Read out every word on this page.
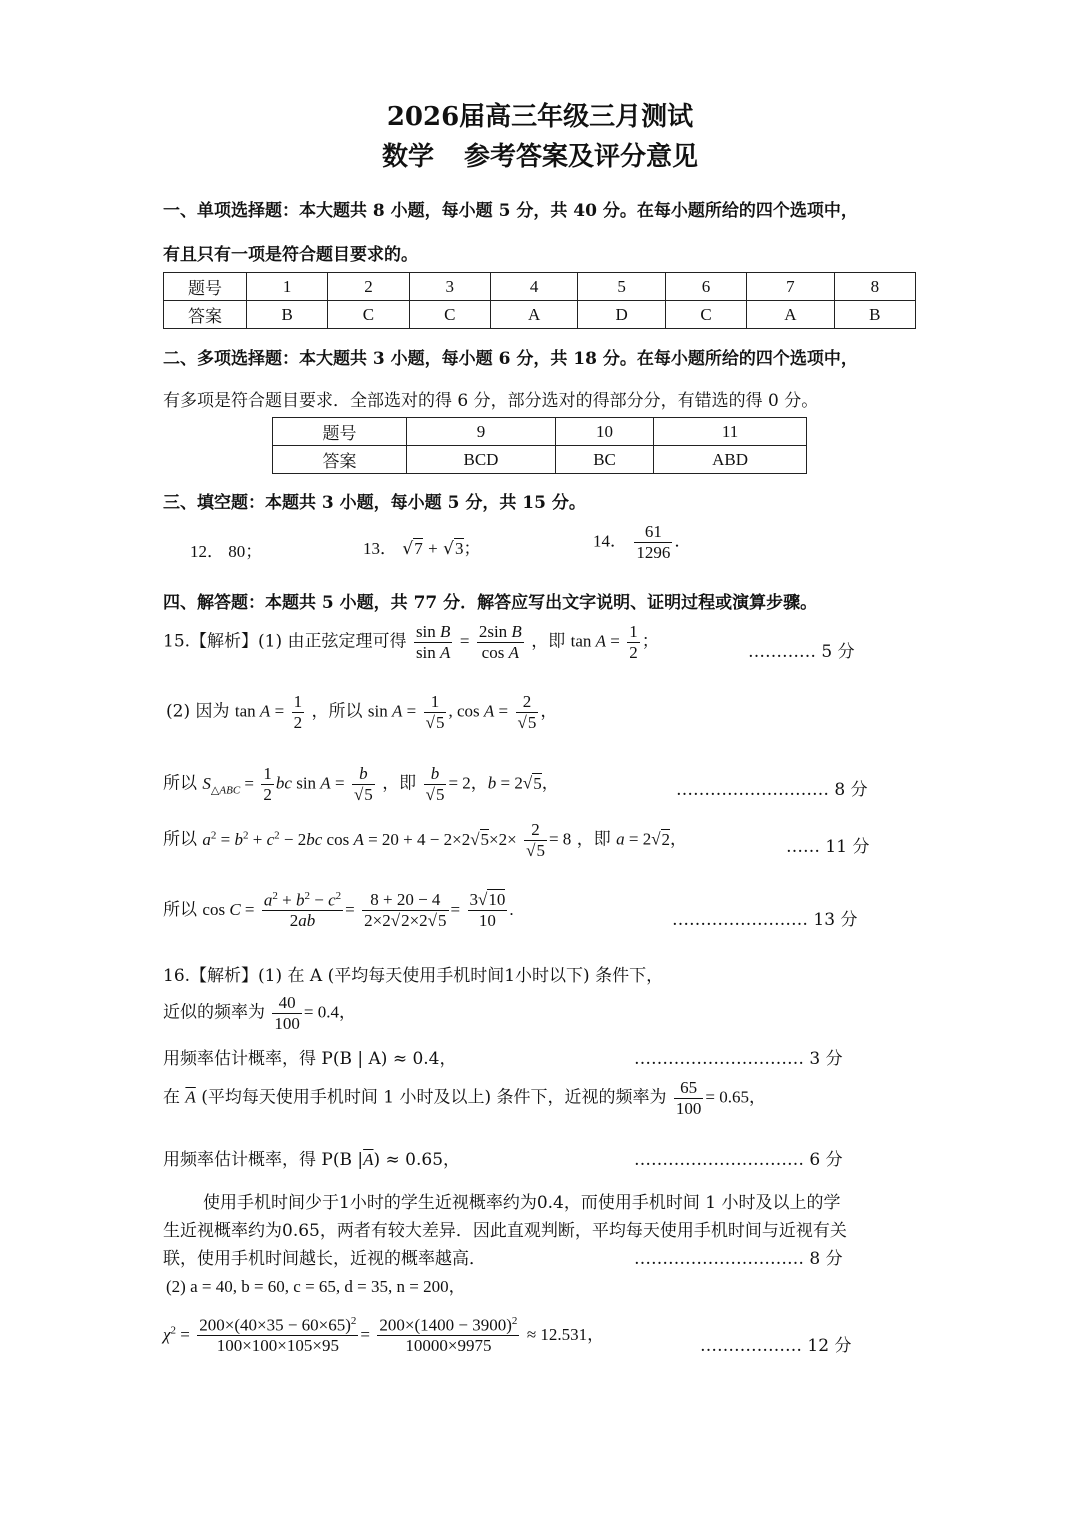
2026届高三年级三月测试
数学 参考答案及评分意见
一、单项选择题：本大题共 8 小题，每小题 5 分，共 40 分。在每小题所给的四个选项中，
有且只有一项是符合题目要求的。
题号	1	2	3	4	5	6	7	8
答案	B	C	C	A	D	C	A	B
二、多项选择题：本大题共 3 小题，每小题 6 分，共 18 分。在每小题所给的四个选项中，
有多项是符合题目要求．全部选对的得 6 分，部分选对的得部分分，有错选的得 0 分。
题号	9	10	11
答案	BCD	BC	ABD
三、填空题：本题共 3 小题，每小题 5 分，共 15 分。
12． 80；	13． √7 + √3；	14． $\frac{61}{1296}$ ．
四、解答题：本题共 5 小题，共 77 分．解答应写出文字说明、证明过程或演算步骤。
15.【解析】(1) 由正弦定理可得 $\frac{\text{sin B}}{\text{sin A}} = \frac{\text{2sin B}}{\text{cos A}}$ ，即 $\tan A = \frac{1}{2}$ ；
………… 5 分
(2) 因为 $\tan A = \frac{1}{2}$ ，所以 $\sin A = \frac{1}{√5}$ , $\cos A = \frac{2}{√5}$ ，
所以 $S_{\triangle ABC} = \frac{1}{2}$ bc $\sin A = \frac{b}{√5}$ ，即 $\frac{b}{√5} = 2$，b = 2√5，	……………………… 8 分
所以 $a^2 = b^2 + c^2 - 2bc$ $\cos A = 20 + 4 - 2\times 2√5\times 2\times \frac{2}{√5} = 8$ ，即 a = 2√2，	…… 11 分
所以 $\cos C = \frac{a^2 + b^2 - c^2}{2ab} = \frac{8 + 20 - 4}{2\times 2√2\times 2√5} = \frac{3√10}{10}$ .
…………………… 13 分
16.【解析】(1) 在 A (平均每天使用手机时间1小时以下) 条件下，
近似的频率为 $\frac{40}{100} = 0.4$，
用频率估计概率，得 P(B | A) ≈ 0.4，	………………………… 3 分
在 $\overline{A}$ (平均每天使用手机时间 1 小时及以上) 条件下，近视的频率为 $\frac{65}{100} = 0.65$，
用频率估计概率，得 P(B $|\overline{A}) \approx 0.65$，	………………………… 6 分
使用手机时间少于1小时的学生近视概率约为0.4，而使用手机时间 1 小时及以上的学
生近视概率约为0.65，两者有较大差异．因此直观判断，平均每天使用手机时间与近视有关
联，使用手机时间越长，近视的概率越高．	………………………… 8 分
(2) a = 40, b = 60, c = 65, d = 35, n = 200，
$\chi^2 = \frac{200\times(40\times 35 - 60\times 65)^2}{100\times 100\times 105\times 95} = \frac{200\times(1400 - 3900)^2}{10000\times 9975} \approx 12.531$，
……………… 12 分
